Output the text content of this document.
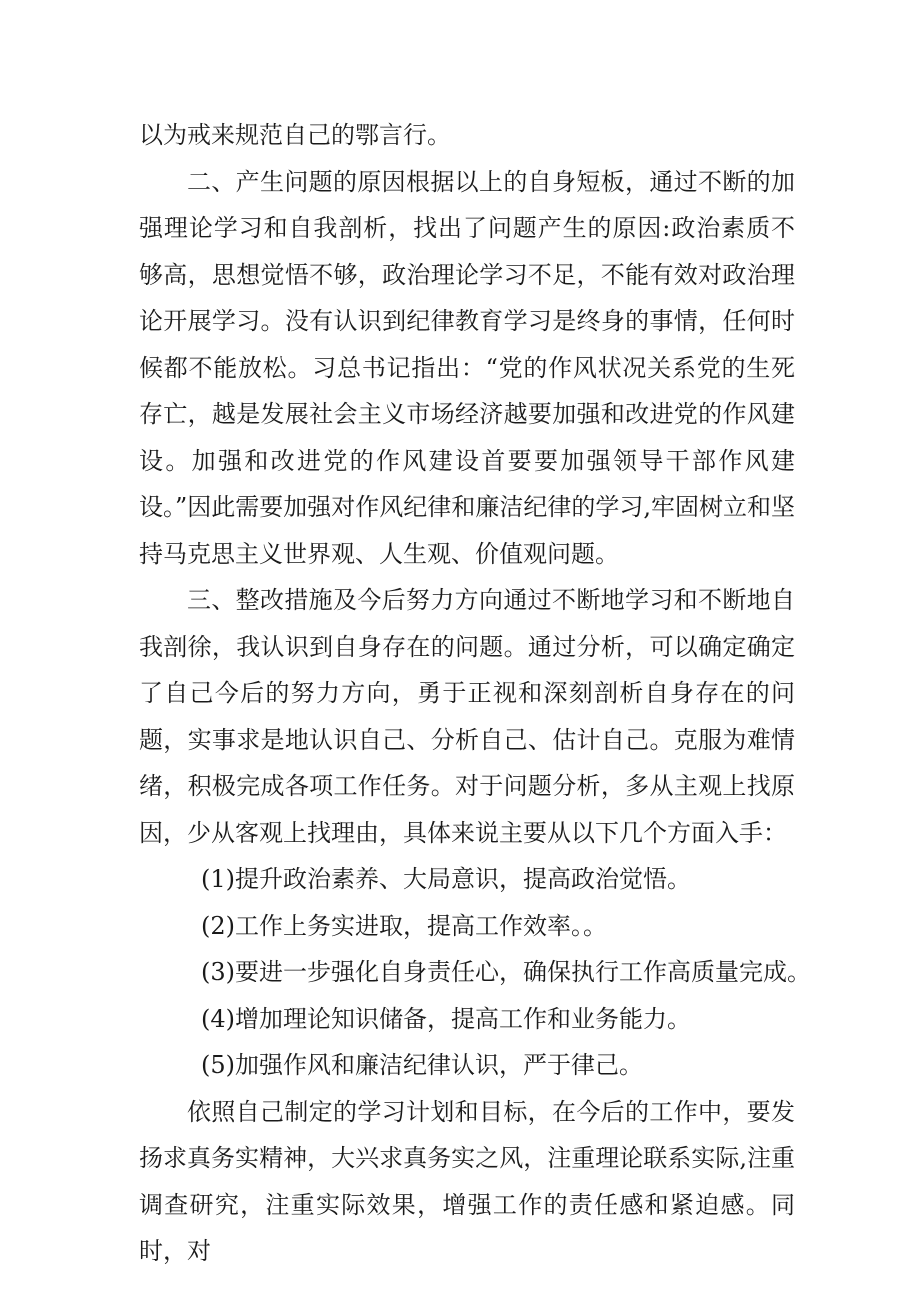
以为戒来规范自己的鄂言行。

二、产生问题的原因根据以上的自身短板，通过不断的加强理论学习和自我剖析，找出了问题产生的原因:政治素质不够高，思想觉悟不够，政治理论学习不足，不能有效对政治理论开展学习。没有认识到纪律教育学习是终身的事情，任何时候都不能放松。习总书记指出：“党的作风状况关系党的生死存亡，越是发展社会主义市场经济越要加强和改进党的作风建设。加强和改进党的作风建设首要要加强领导干部作风建设。”因此需要加强对作风纪律和廉洁纪律的学习,牢固树立和坚持马克思主义世界观、人生观、价值观问题。

三、整改措施及今后努力方向通过不断地学习和不断地自我剖徐，我认识到自身存在的问题。通过分析，可以确定确定了自己今后的努力方向，勇于正视和深刻剖析自身存在的问题，实事求是地认识自己、分析自己、估计自己。克服为难情绪，积极完成各项工作任务。对于问题分析，多从主观上找原因，少从客观上找理由，具体来说主要从以下几个方面入手：

(1)提升政治素养、大局意识，提高政治觉悟。

(2)工作上务实进取，提高工作效率。。

(3)要进一步强化自身责任心，确保执行工作高质量完成。

(4)增加理论知识储备，提高工作和业务能力。

(5)加强作风和廉洁纪律认识，严于律己。

依照自己制定的学习计划和目标，在今后的工作中，要发扬求真务实精神，大兴求真务实之风，注重理论联系实际,注重调查研究，注重实际效果，增强工作的责任感和紧迫感。同时，对
